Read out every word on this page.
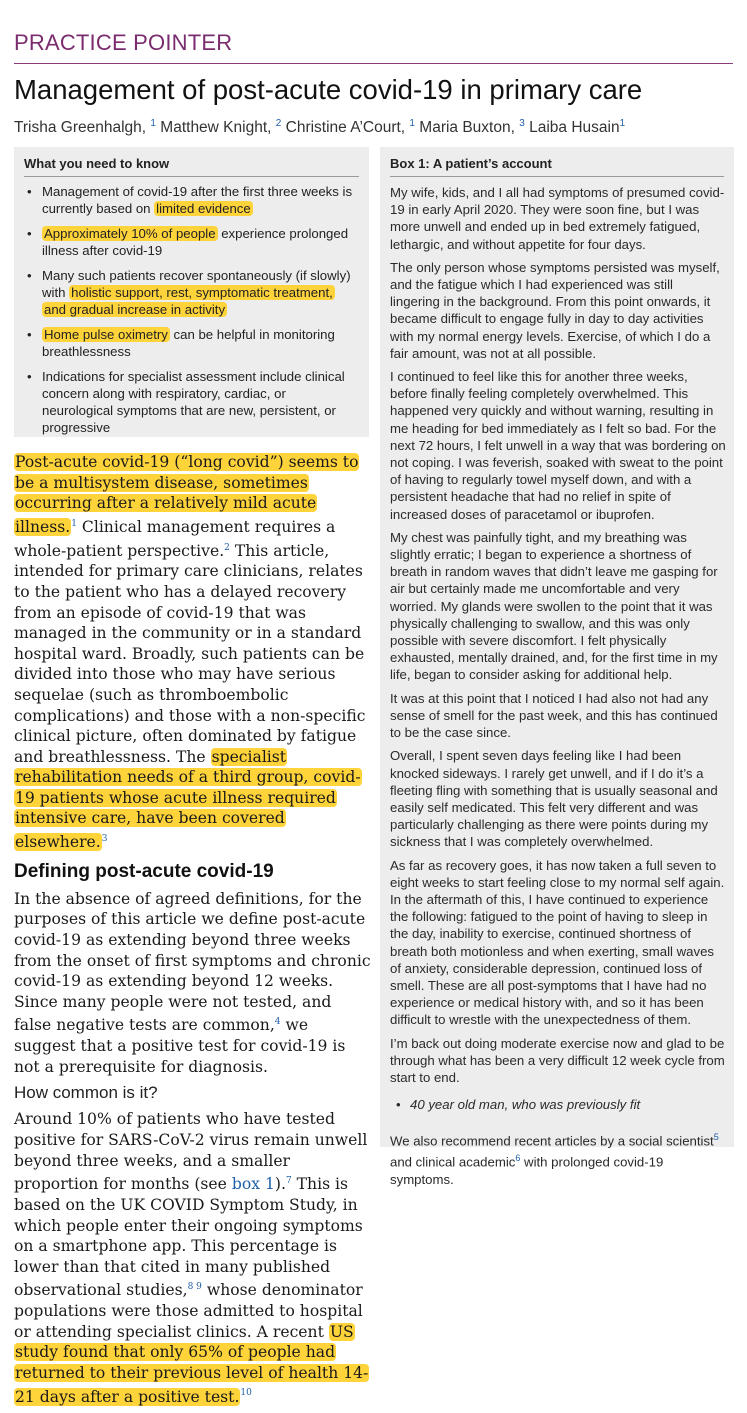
PRACTICE POINTER
Management of post-acute covid-19 in primary care
Trisha Greenhalgh, $^1$ Matthew Knight, $^2$ Christine A’Court, $^1$ Maria Buxton, $^3$ Laiba Husain$^1$
What you need to know
• Management of covid-19 after the first three weeks is currently based on limited evidence
• Approximately 10% of people experience prolonged illness after covid-19
• Many such patients recover spontaneously (if slowly) with holistic support, rest, symptomatic treatment, and gradual increase in activity
• Home pulse oximetry can be helpful in monitoring breathlessness
• Indications for specialist assessment include clinical concern along with respiratory, cardiac, or neurological symptoms that are new, persistent, or progressive
Box 1: A patient’s account

My wife, kids, and I all had symptoms of presumed covid-19 in early April 2020. They were soon fine, but I was more unwell and ended up in bed extremely fatigued, lethargic, and without appetite for four days.

The only person whose symptoms persisted was myself, and the fatigue which I had experienced was still lingering in the background. From this point onwards, it became difficult to engage fully in day to day activities with my normal energy levels. Exercise, of which I do a fair amount, was not at all possible.

I continued to feel like this for another three weeks, before finally feeling completely overwhelmed. This happened very quickly and without warning, resulting in me heading for bed immediately as I felt so bad. For the next 72 hours, I felt unwell in a way that was bordering on not coping. I was feverish, soaked with sweat to the point of having to regularly towel myself down, and with a persistent headache that had no relief in spite of increased doses of paracetamol or ibuprofen.

My chest was painfully tight, and my breathing was slightly erratic; I began to experience a shortness of breath in random waves that didn’t leave me gasping for air but certainly made me uncomfortable and very worried. My glands were swollen to the point that it was physically challenging to swallow, and this was only possible with severe discomfort. I felt physically exhausted, mentally drained, and, for the first time in my life, began to consider asking for additional help.

It was at this point that I noticed I had also not had any sense of smell for the past week, and this has continued to be the case since.

Overall, I spent seven days feeling like I had been knocked sideways. I rarely get unwell, and if I do it’s a fleeting fling with something that is usually seasonal and easily self medicated. This felt very different and was particularly challenging as there were points during my sickness that I was completely overwhelmed.

As far as recovery goes, it has now taken a full seven to eight weeks to start feeling close to my normal self again. In the aftermath of this, I have continued to experience the following: fatigued to the point of having to sleep in the day, inability to exercise, continued shortness of breath both motionless and when exerting, small waves of anxiety, considerable depression, continued loss of smell. These are all post-symptoms that I have had no experience or medical history with, and so it has been difficult to wrestle with the unexpectedness of them.

I’m back out doing moderate exercise now and glad to be through what has been a very difficult 12 week cycle from start to end.

• 40 year old man, who was previously fit

We also recommend recent articles by a social scientist$^5$ and clinical academic$^6$ with prolonged covid-19 symptoms.

Post-acute covid-19 (“long covid”) seems to be a multisystem disease, sometimes occurring after a relatively mild acute illness.$^1$ Clinical management requires a whole-patient perspective.$^2$ This article, intended for primary care clinicians, relates to the patient who has a delayed recovery from an episode of covid-19 that was managed in the community or in a standard hospital ward. Broadly, such patients can be divided into those who may have serious sequelae (such as thromboembolic complications) and those with a non-specific clinical picture, often dominated by fatigue and breathlessness. The specialist rehabilitation needs of a third group, covid-19 patients whose acute illness required intensive care, have been covered elsewhere.$^3$

Defining post-acute covid-19

In the absence of agreed definitions, for the purposes of this article we define post-acute covid-19 as extending beyond three weeks from the onset of first symptoms and chronic covid-19 as extending beyond 12 weeks. Since many people were not tested, and false negative tests are common,$^4$ we suggest that a positive test for covid-19 is not a prerequisite for diagnosis.

How common is it?

Around 10% of patients who have tested positive for SARS-CoV-2 virus remain unwell beyond three weeks, and a smaller proportion for months (see box 1).$^7$ This is based on the UK COVID Symptom Study, in which people enter their ongoing symptoms on a smartphone app. This percentage is lower than that cited in many published observational studies,$^{8 9}$ whose denominator populations were those admitted to hospital or attending specialist clinics. A recent US study found that only 65% of people had returned to their previous level of health 14-21 days after a positive test.$^{10}$
